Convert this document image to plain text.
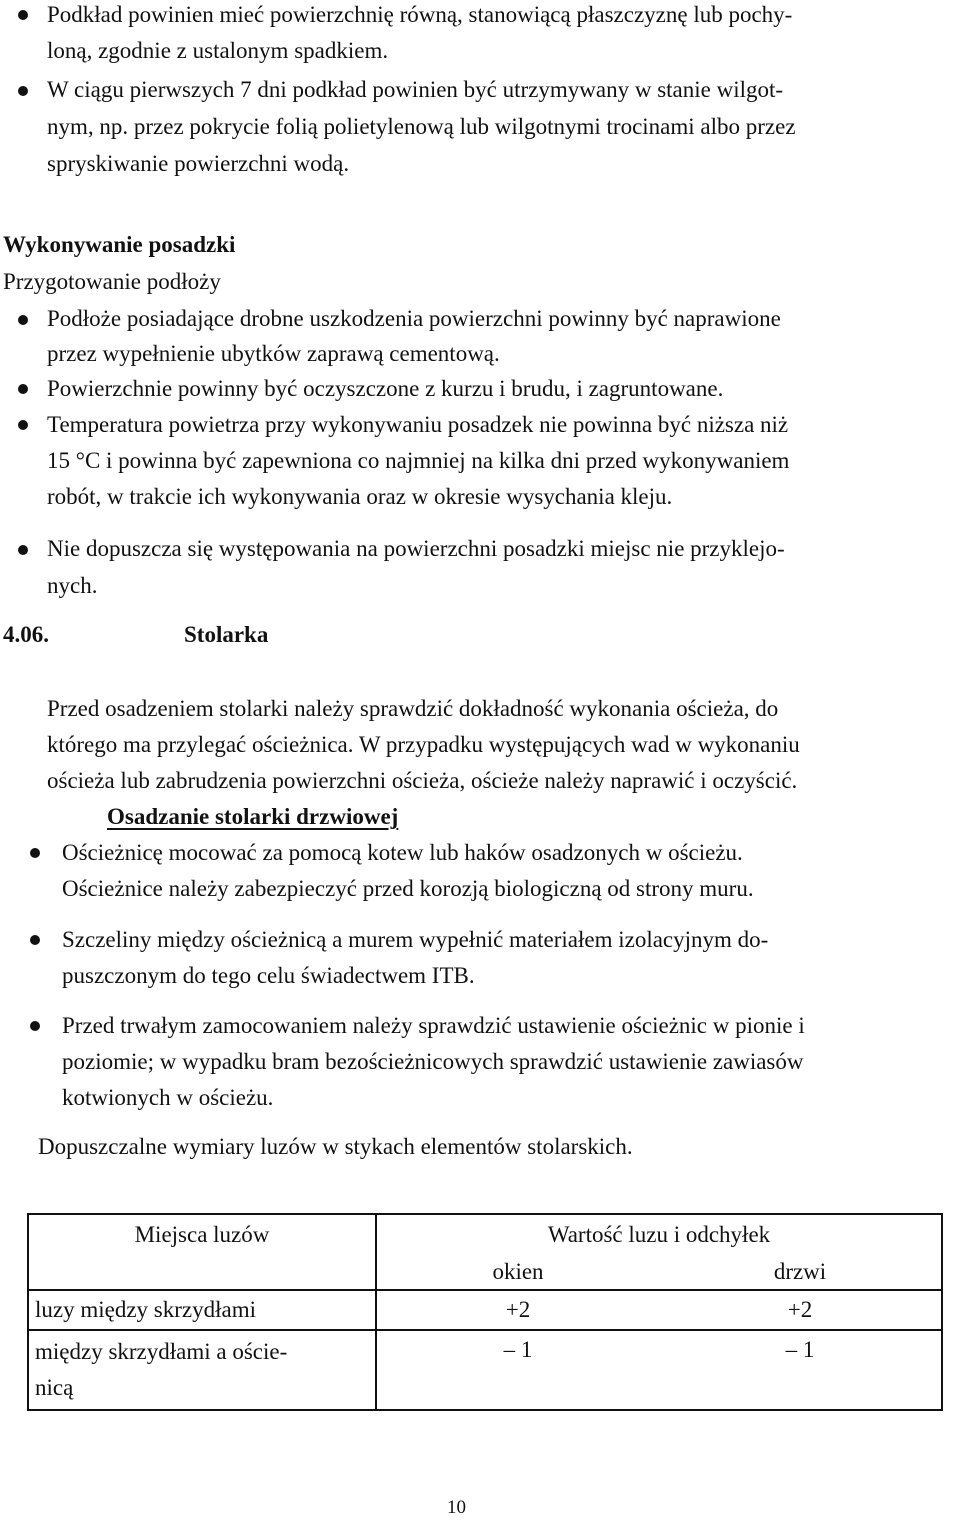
Podkład powinien mieć powierzchnię równą, stanowiącą płaszczyznę lub pochy-
loną, zgodnie z ustalonym spadkiem.
W ciągu pierwszych 7 dni podkład powinien być utrzymywany w stanie wilgot-
nym, np. przez pokrycie folią polietylenową lub wilgotnymi trocinami albo przez
spryskiwanie powierzchni wodą.
Wykonywanie posadzki
Przygotowanie podłoży
Podłoże posiadające drobne uszkodzenia powierzchni powinny być naprawione
przez wypełnienie ubytków zaprawą cementową.
Powierzchnie powinny być oczyszczone z kurzu i brudu, i zagruntowane.
Temperatura powietrza przy wykonywaniu posadzek nie powinna być niższa niż
15 °C i powinna być zapewniona co najmniej na kilka dni przed wykonywaniem
robót, w trakcie ich wykonywania oraz w okresie wysychania kleju.
Nie dopuszcza się występowania na powierzchni posadzki miejsc nie przyklejo-
nych.
4.06.	Stolarka
Przed osadzeniem stolarki należy sprawdzić dokładność wykonania ościeża, do
którego ma przylegać ościeżnica. W przypadku występujących wad w wykonaniu
ościeża lub zabrudzenia powierzchni ościeża, ościeże należy naprawić i oczyścić.
Osadzanie stolarki drzwiowej
Ościeżnicę mocować za pomocą kotew lub haków osadzonych w ościeżu.
Ościeżnice należy zabezpieczyć przed korozją biologiczną od strony muru.
Szczeliny między ościeżnicą a murem wypełnić materiałem izolacyjnym do-
puszczonym do tego celu świadectwem ITB.
Przed trwałym zamocowaniem należy sprawdzić ustawienie ościeżnic w pionie i
poziomie; w wypadku bram bezościeżnicowych sprawdzić ustawienie zawiasów
kotwionych w ościeżu.
Dopuszczalne wymiary luzów w stykach elementów stolarskich.
Miejsca luzów	Wartość luzu i odchyłek	
	okien	drzwi
luzy między skrzydłami	+2	+2

między skrzydłami a oście-
nicą	– 1	– 1
10
